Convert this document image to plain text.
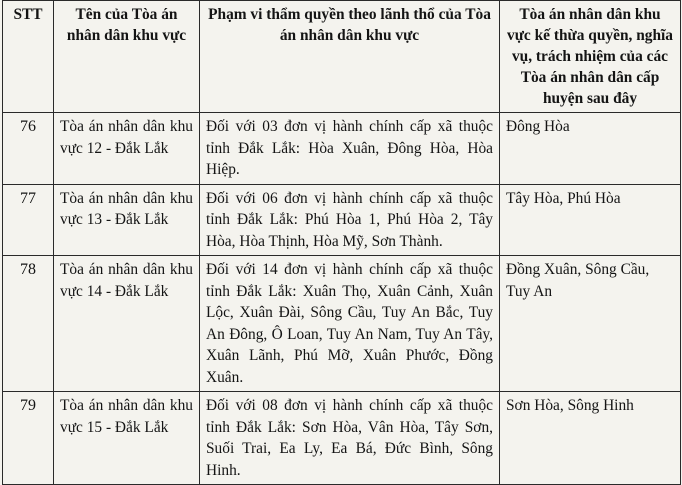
STT	Tên của Tòa án nhân dân khu vực	Phạm vi thẩm quyền theo lãnh thổ của Tòa án nhân dân khu vực	Tòa án nhân dân khu vực kế thừa quyền, nghĩa vụ, trách nhiệm của các Tòa án nhân dân cấp huyện sau đây
76	Tòa án nhân dân khu vực 12 - Đắk Lắk	Đối với 03 đơn vị hành chính cấp xã thuộc tỉnh Đắk Lắk: Hòa Xuân, Đông Hòa, Hòa Hiệp.	Đông Hòa
77	Tòa án nhân dân khu vực 13 - Đắk Lắk	Đối với 06 đơn vị hành chính cấp xã thuộc tỉnh Đắk Lắk: Phú Hòa 1, Phú Hòa 2, Tây Hòa, Hòa Thịnh, Hòa Mỹ, Sơn Thành.	Tây Hòa, Phú Hòa
78	Tòa án nhân dân khu vực 14 - Đắk Lắk	Đối với 14 đơn vị hành chính cấp xã thuộc tỉnh Đắk Lắk: Xuân Thọ, Xuân Cảnh, Xuân Lộc, Xuân Đài, Sông Cầu, Tuy An Bắc, Tuy An Đông, Ô Loan, Tuy An Nam, Tuy An Tây, Xuân Lãnh, Phú Mỡ, Xuân Phước, Đồng Xuân.	Đồng Xuân, Sông Cầu, Tuy An
79	Tòa án nhân dân khu vực 15 - Đắk Lắk	Đối với 08 đơn vị hành chính cấp xã thuộc tỉnh Đắk Lắk: Sơn Hòa, Vân Hòa, Tây Sơn, Suối Trai, Ea Ly, Ea Bá, Đức Bình, Sông Hinh.	Sơn Hòa, Sông Hinh
